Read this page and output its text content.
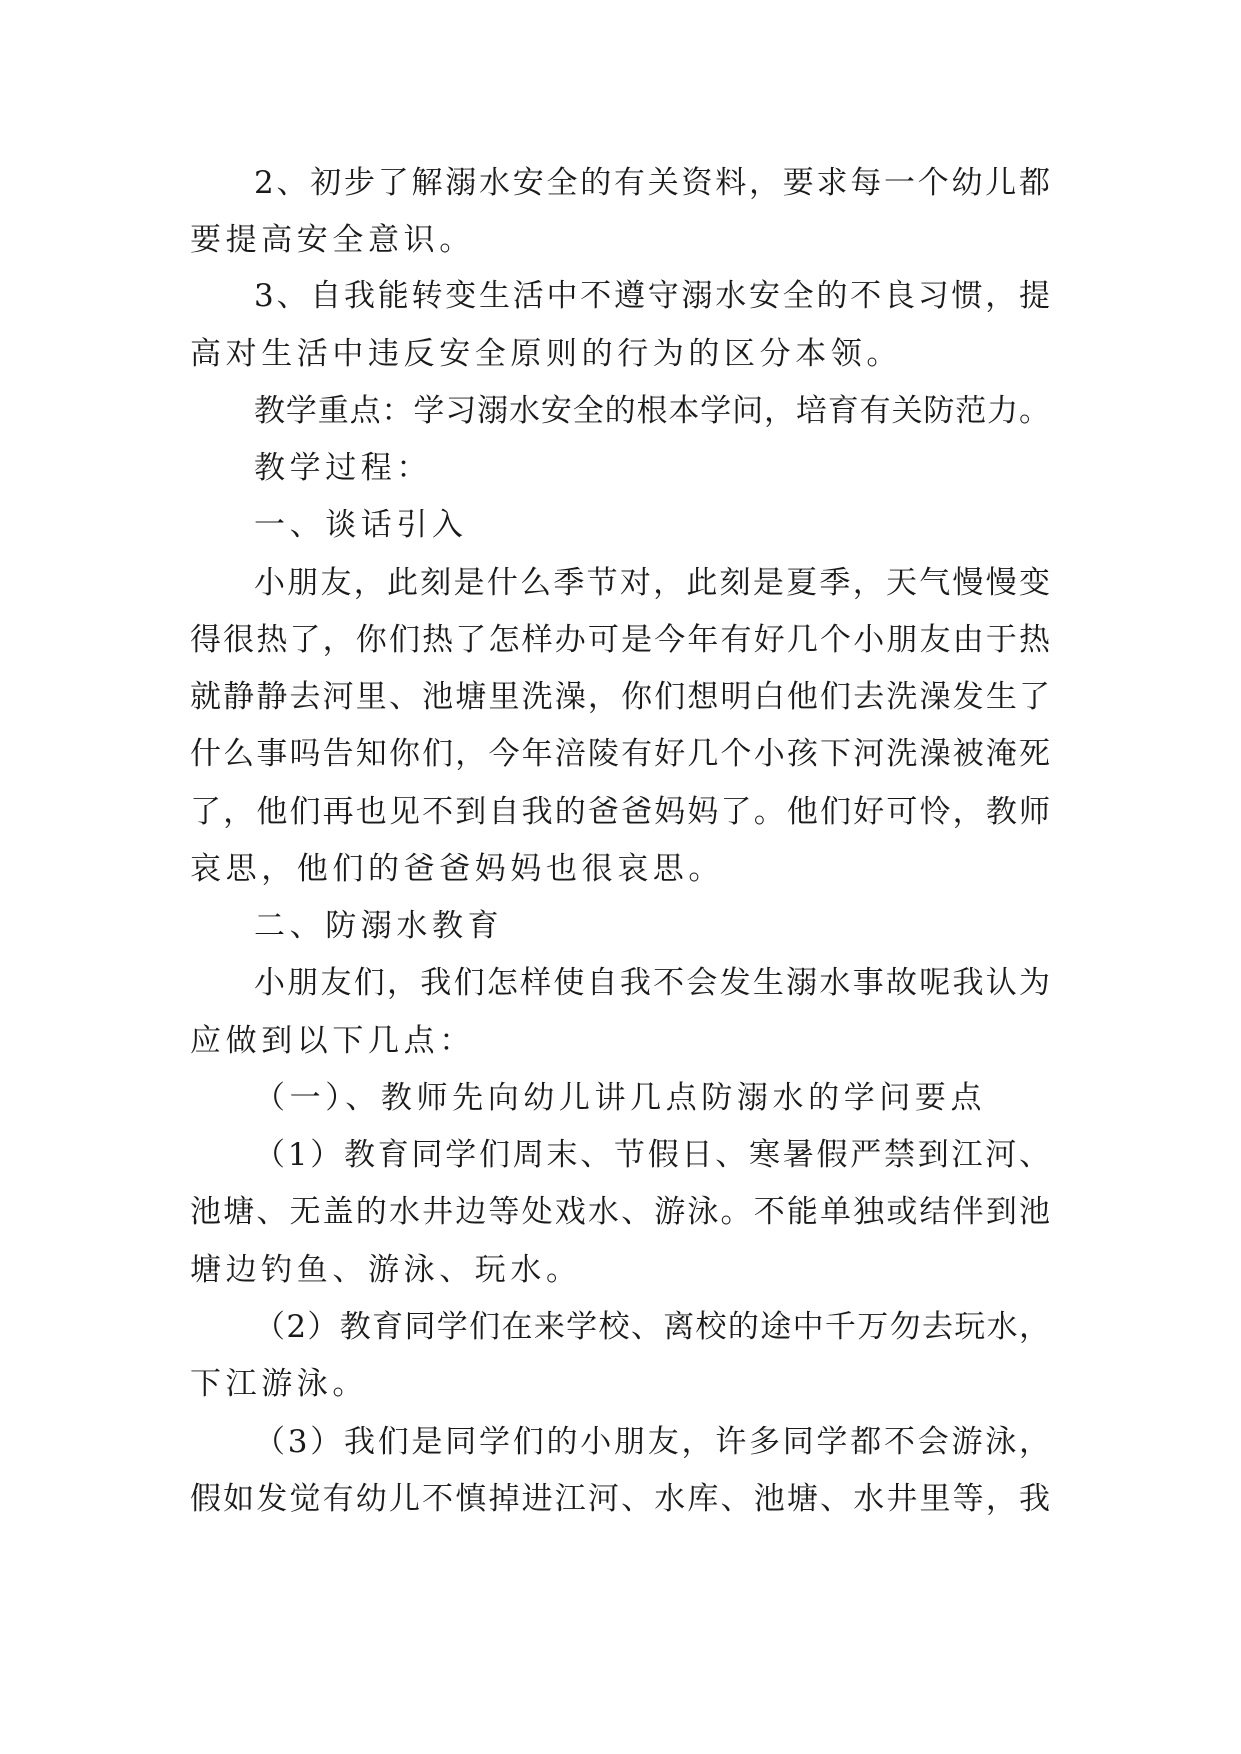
2、初步了解溺水安全的有关资料，要求每一个幼儿都
要提高安全意识。
3、自我能转变生活中不遵守溺水安全的不良习惯，提
高对生活中违反安全原则的行为的区分本领。
教学重点：学习溺水安全的根本学问，培育有关防范力。
教学过程：
一、谈话引入
小朋友，此刻是什么季节对，此刻是夏季，天气慢慢变
得很热了，你们热了怎样办可是今年有好几个小朋友由于热
就静静去河里、池塘里洗澡，你们想明白他们去洗澡发生了
什么事吗告知你们，今年涪陵有好几个小孩下河洗澡被淹死
了，他们再也见不到自我的爸爸妈妈了。他们好可怜，教师
哀思，他们的爸爸妈妈也很哀思。
二、防溺水教育
小朋友们，我们怎样使自我不会发生溺水事故呢我认为
应做到以下几点：
（一）、教师先向幼儿讲几点防溺水的学问要点
（1）教育同学们周末、节假日、寒暑假严禁到江河、
池塘、无盖的水井边等处戏水、游泳。不能单独或结伴到池
塘边钓鱼、游泳、玩水。
（2）教育同学们在来学校、离校的途中千万勿去玩水，
下江游泳。
（3）我们是同学们的小朋友，许多同学都不会游泳，
假如发觉有幼儿不慎掉进江河、水库、池塘、水井里等，我
